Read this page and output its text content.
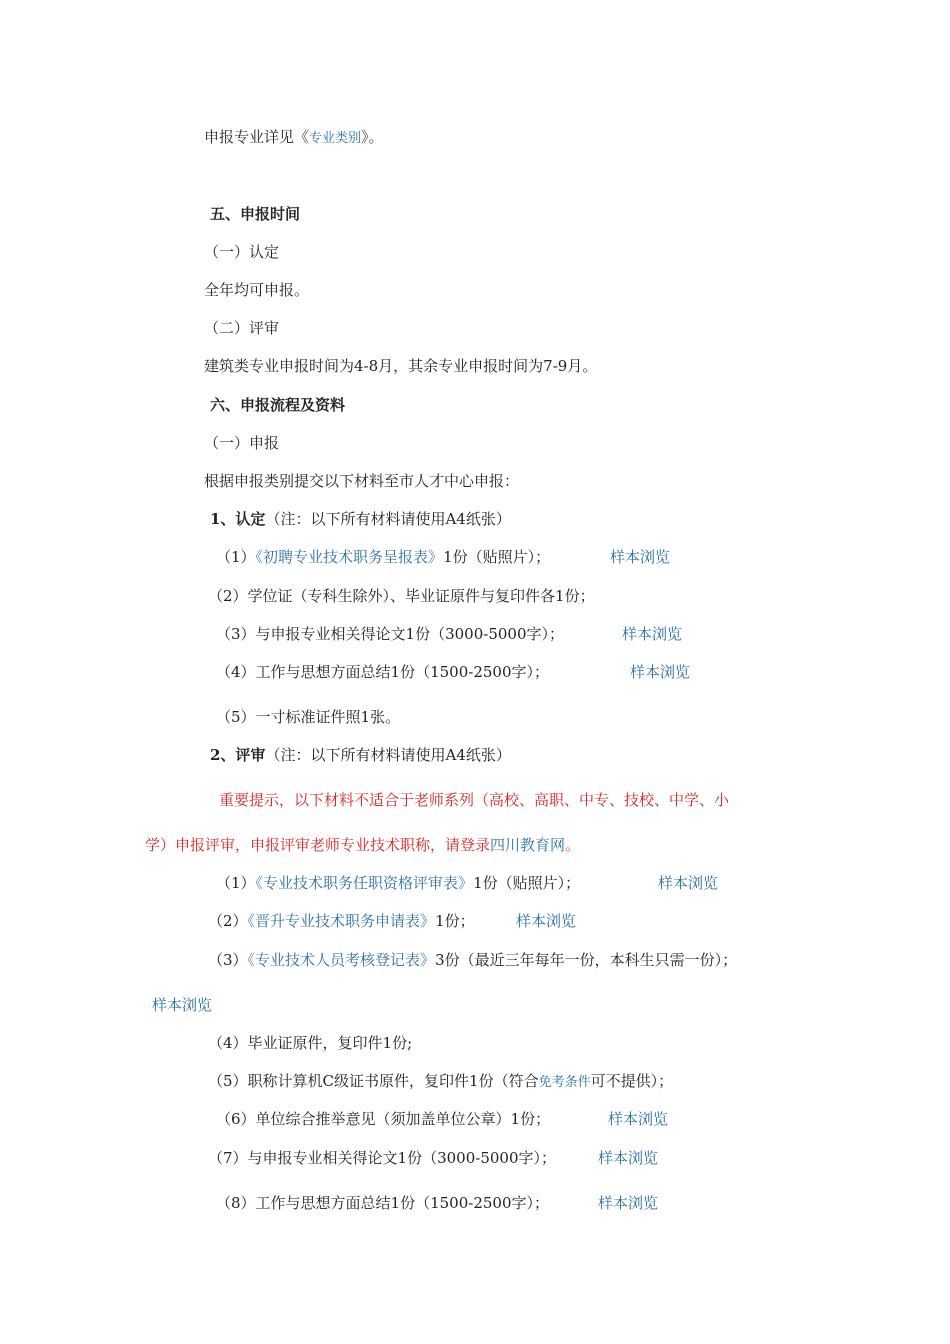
申报专业详见《专业类别》。
五、申报时间
（一）认定
全年均可申报。
（二）评审
建筑类专业申报时间为4-8月，其余专业申报时间为7-9月。
六、申报流程及资料
（一）申报
根据申报类别提交以下材料至市人才中心申报：
1、认定（注：以下所有材料请使用A4纸张）
（1）《初聘专业技术职务呈报表》1份（贴照片）；	样本浏览
（2）学位证（专科生除外）、毕业证原件与复印件各1份；
（3）与申报专业相关得论文1份（3000-5000字）；	样本浏览
（4）工作与思想方面总结1份（1500-2500字）；	样本浏览
（5）一寸标准证件照1张。
2、评审（注：以下所有材料请使用A4纸张）
重要提示，以下材料不适合于老师系列（高校、高职、中专、技校、中学、小
学）申报评审，申报评审老师专业技术职称，请登录四川教育网。
（1）《专业技术职务任职资格评审表》1份（贴照片）；	样本浏览
（2）《晋升专业技术职务申请表》1份；	样本浏览
（3）《专业技术人员考核登记表》3份（最近三年每年一份，本科生只需一份）；
样本浏览
（4）毕业证原件，复印件1份;
（5）职称计算机C级证书原件，复印件1份（符合免考条件可不提供）；
（6）单位综合推举意见（须加盖单位公章）1份；	样本浏览
（7）与申报专业相关得论文1份（3000-5000字）；	样本浏览
（8）工作与思想方面总结1份（1500-2500字）；	样本浏览
